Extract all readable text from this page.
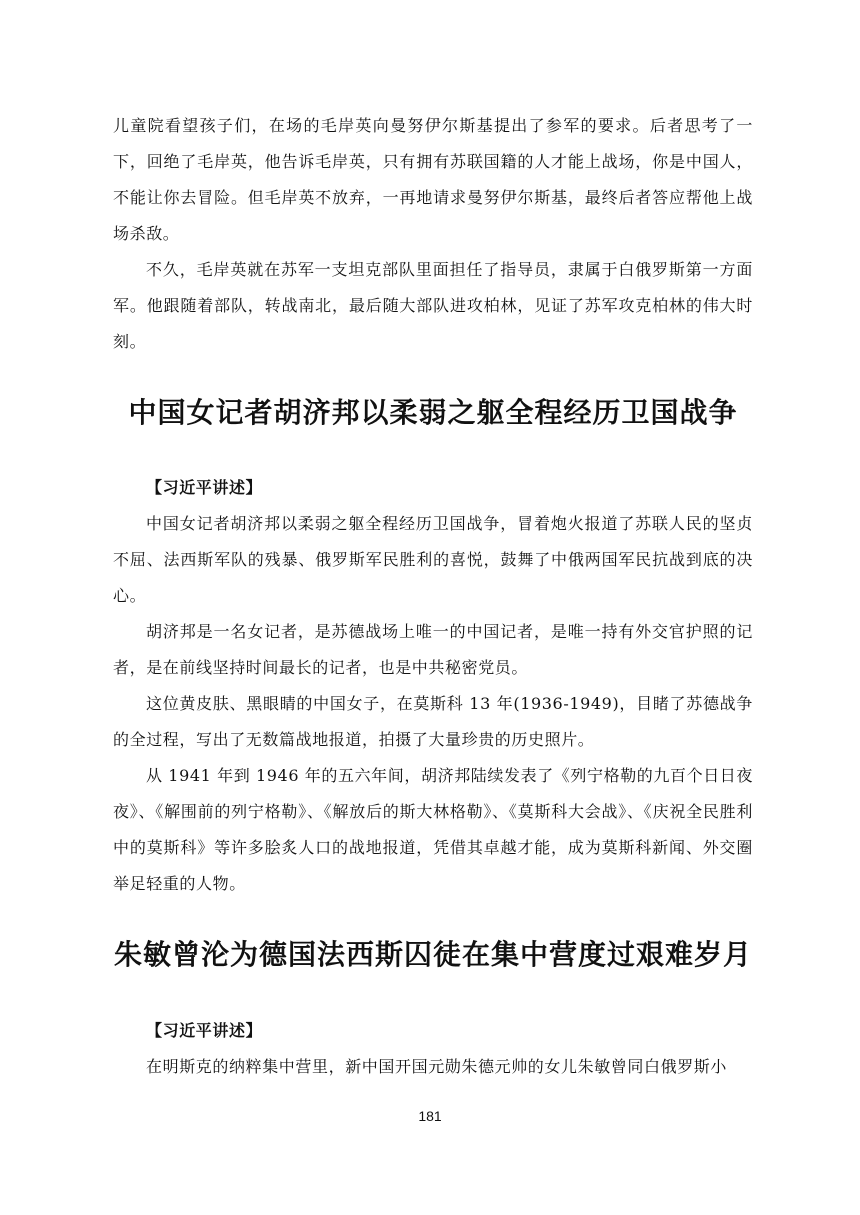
儿童院看望孩子们，在场的毛岸英向曼努伊尔斯基提出了参军的要求。后者思考了一下，回绝了毛岸英，他告诉毛岸英，只有拥有苏联国籍的人才能上战场，你是中国人，不能让你去冒险。但毛岸英不放弃，一再地请求曼努伊尔斯基，最终后者答应帮他上战场杀敌。

不久，毛岸英就在苏军一支坦克部队里面担任了指导员，隶属于白俄罗斯第一方面军。他跟随着部队，转战南北，最后随大部队进攻柏林，见证了苏军攻克柏林的伟大时刻。

中国女记者胡济邦以柔弱之躯全程经历卫国战争
【习近平讲述】

中国女记者胡济邦以柔弱之躯全程经历卫国战争，冒着炮火报道了苏联人民的坚贞不屈、法西斯军队的残暴、俄罗斯军民胜利的喜悦，鼓舞了中俄两国军民抗战到底的决心。

胡济邦是一名女记者，是苏德战场上唯一的中国记者，是唯一持有外交官护照的记者，是在前线坚持时间最长的记者，也是中共秘密党员。

这位黄皮肤、黑眼睛的中国女子，在莫斯科 13 年(1936-1949)，目睹了苏德战争的全过程，写出了无数篇战地报道，拍摄了大量珍贵的历史照片。

从 1941 年到 1946 年的五六年间，胡济邦陆续发表了《列宁格勒的九百个日日夜夜》、《解围前的列宁格勒》、《解放后的斯大林格勒》、《莫斯科大会战》、《庆祝全民胜利中的莫斯科》等许多脍炙人口的战地报道，凭借其卓越才能，成为莫斯科新闻、外交圈举足轻重的人物。

朱敏曾沦为德国法西斯囚徒在集中营度过艰难岁月
【习近平讲述】

在明斯克的纳粹集中营里，新中国开国元勋朱德元帅的女儿朱敏曾同白俄罗斯小

181
